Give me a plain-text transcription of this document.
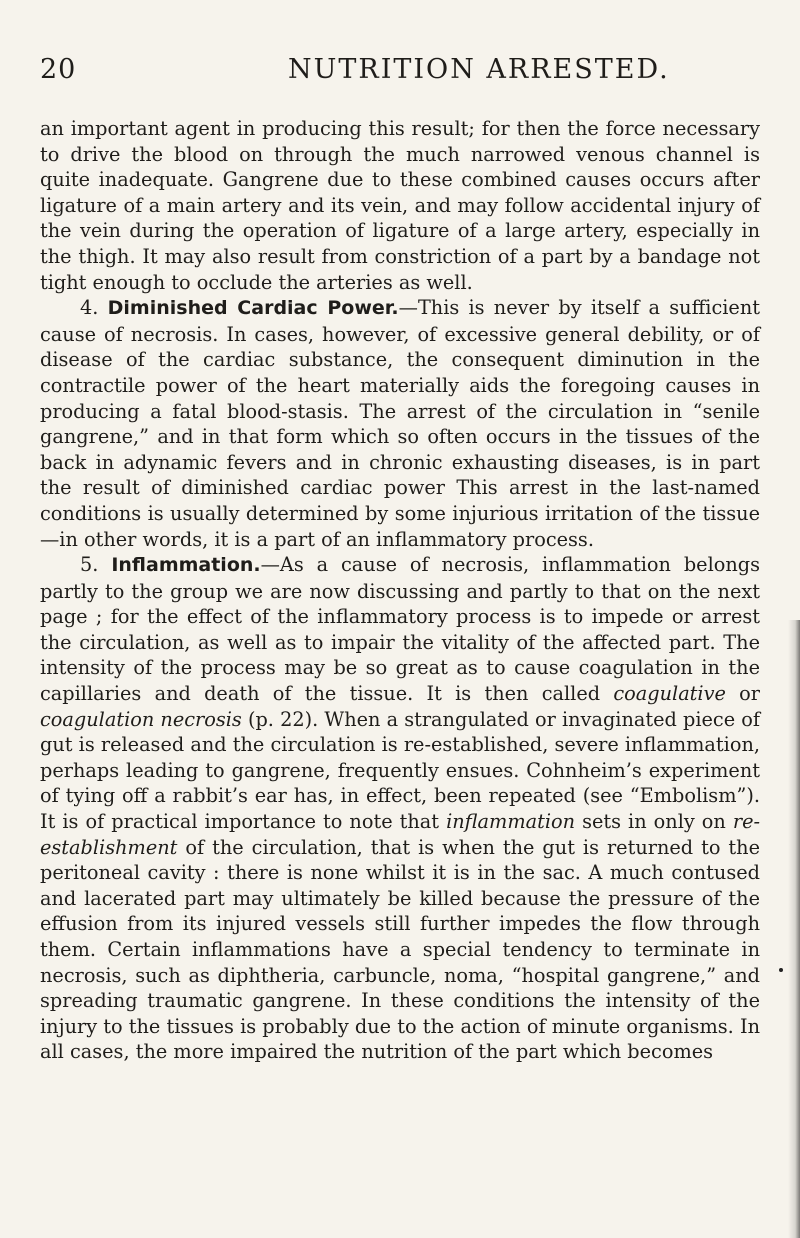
20	NUTRITION ARRESTED.

an important agent in producing this result; for then the force necessary to drive the blood on through the much narrowed venous channel is quite inadequate. Gangrene due to these combined causes occurs after ligature of a main artery and its vein, and may follow accidental injury of the vein during the operation of ligature of a large artery, especially in the thigh. It may also result from constriction of a part by a bandage not tight enough to occlude the arteries as well.

4. Diminished Cardiac Power.—This is never by itself a sufficient cause of necrosis. In cases, however, of excessive general debility, or of disease of the cardiac substance, the consequent diminution in the contractile power of the heart materially aids the foregoing causes in producing a fatal blood-stasis. The arrest of the circulation in “senile gangrene,” and in that form which so often occurs in the tissues of the back in adynamic fevers and in chronic exhausting diseases, is in part the result of diminished cardiac power This arrest in the last-named conditions is usually determined by some injurious irritation of the tissue—in other words, it is a part of an inflammatory process.

5. Inflammation.—As a cause of necrosis, inflammation belongs partly to the group we are now discussing and partly to that on the next page ; for the effect of the inflammatory process is to impede or arrest the circulation, as well as to impair the vitality of the affected part. The intensity of the process may be so great as to cause coagulation in the capillaries and death of the tissue. It is then called coagulative or coagulation necrosis (p. 22). When a strangulated or invaginated piece of gut is released and the circulation is re-established, severe inflammation, perhaps leading to gangrene, frequently ensues. Cohnheim’s experiment of tying off a rabbit’s ear has, in effect, been repeated (see “Embolism”). It is of practical importance to note that inflammation sets in only on re-establishment of the circulation, that is when the gut is returned to the peritoneal cavity : there is none whilst it is in the sac. A much contused and lacerated part may ultimately be killed because the pressure of the effusion from its injured vessels still further impedes the flow through them. Certain inflammations have a special tendency to terminate in necrosis, such as diphtheria, carbuncle, noma, “hospital gangrene,” and spreading traumatic gangrene. In these conditions the intensity of the injury to the tissues is probably due to the action of minute organisms. In all cases, the more impaired the nutrition of the part which becomes
